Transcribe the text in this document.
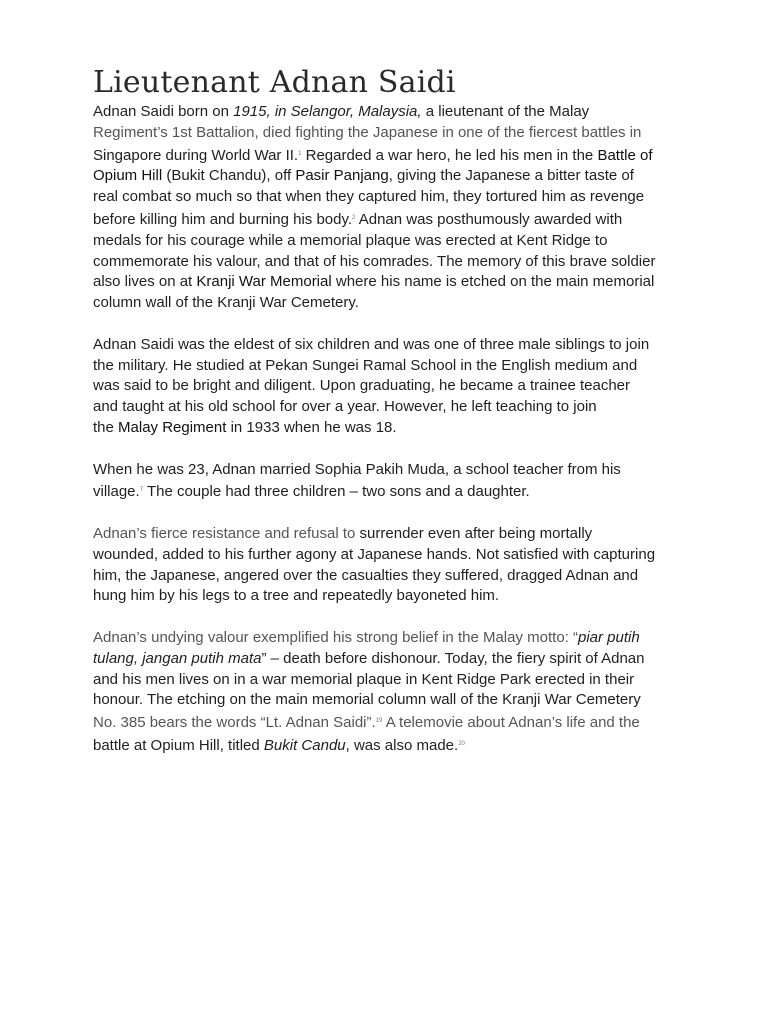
Lieutenant Adnan Saidi

Adnan Saidi born on 1915, in Selangor, Malaysia, a lieutenant of the Malay
Regiment’s 1st Battalion, died fighting the Japanese in one of the fiercest battles in
Singapore during World War II.$^1$ Regarded a war hero, he led his men in the Battle of
Opium Hill (Bukit Chandu), off Pasir Panjang, giving the Japanese a bitter taste of
real combat so much so that when they captured him, they tortured him as revenge
before killing him and burning his body.$^2$ Adnan was posthumously awarded with
medals for his courage while a memorial plaque was erected at Kent Ridge to
commemorate his valour, and that of his comrades. The memory of this brave soldier
also lives on at Kranji War Memorial where his name is etched on the main memorial
column wall of the Kranji War Cemetery.

Adnan Saidi was the eldest of six children and was one of three male siblings to join
the military. He studied at Pekan Sungei Ramal School in the English medium and
was said to be bright and diligent. Upon graduating, he became a trainee teacher
and taught at his old school for over a year. However, he left teaching to join
the Malay Regiment in 1933 when he was 18.

When he was 23, Adnan married Sophia Pakih Muda, a school teacher from his
village.$^7$ The couple had three children – two sons and a daughter.

Adnan’s fierce resistance and refusal to surrender even after being mortally
wounded, added to his further agony at Japanese hands. Not satisfied with capturing
him, the Japanese, angered over the casualties they suffered, dragged Adnan and
hung him by his legs to a tree and repeatedly bayoneted him.

Adnan’s undying valour exemplified his strong belief in the Malay motto: “piar putih
tulang, jangan putih mata” – death before dishonour. Today, the fiery spirit of Adnan
and his men lives on in a war memorial plaque in Kent Ridge Park erected in their
honour. The etching on the main memorial column wall of the Kranji War Cemetery
No. 385 bears the words “Lt. Adnan Saidi”.$^{19}$ A telemovie about Adnan’s life and the
battle at Opium Hill, titled Bukit Candu, was also made.$^{20}$
